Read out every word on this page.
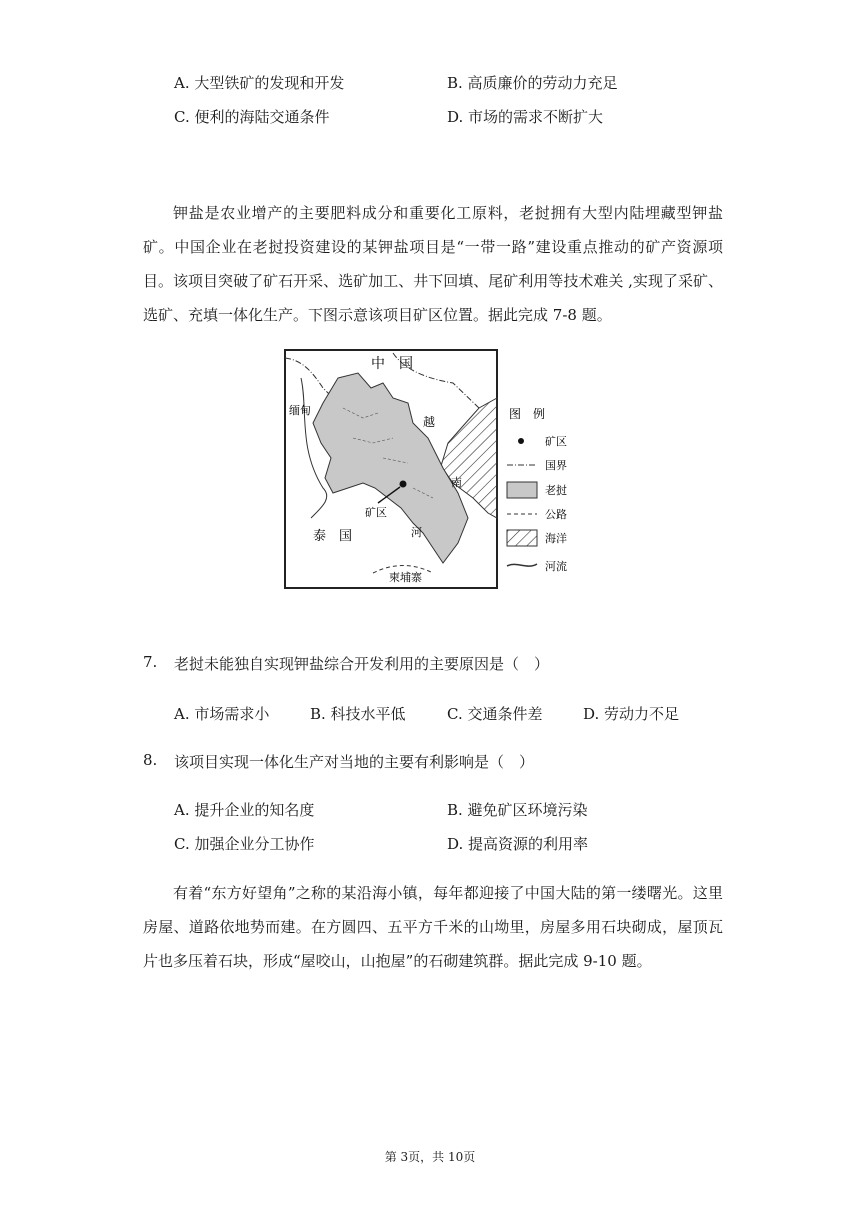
A. 大型铁矿的发现和开发	B. 高质廉价的劳动力充足
C. 便利的海陆交通条件	D. 市场的需求不断扩大

钾盐是农业增产的主要肥料成分和重要化工原料，老挝拥有大型内陆埋藏型钾盐矿。中国企业在老挝投资建设的某钾盐项目是“一带一路”建设重点推动的矿产资源项目。该项目突破了矿石开采、选矿加工、井下回填、尾矿利用等技术难关 ,实现了采矿、选矿、充填一体化生产。下图示意该项目矿区位置。据此完成 7-8 题。

中　国
缅甸
越
南
泰　国
矿区
河
柬埔寨
图　例
矿区
国界
老挝
公路
海洋
河流
7. 老挝未能独自实现钾盐综合开发利用的主要原因是（　）
A. 市场需求小	B. 科技水平低	C. 交通条件差	D. 劳动力不足
8. 该项目实现一体化生产对当地的主要有利影响是（　）
A. 提升企业的知名度	B. 避免矿区环境污染
C. 加强企业分工协作	D. 提高资源的利用率

有着“东方好望角”之称的某沿海小镇，每年都迎接了中国大陆的第一缕曙光。这里房屋、道路依地势而建。在方圆四、五平方千米的山坳里，房屋多用石块砌成，屋顶瓦片也多压着石块，形成“屋咬山，山抱屋”的石砌建筑群。据此完成 9-10 题。

第 3页，共 10页
